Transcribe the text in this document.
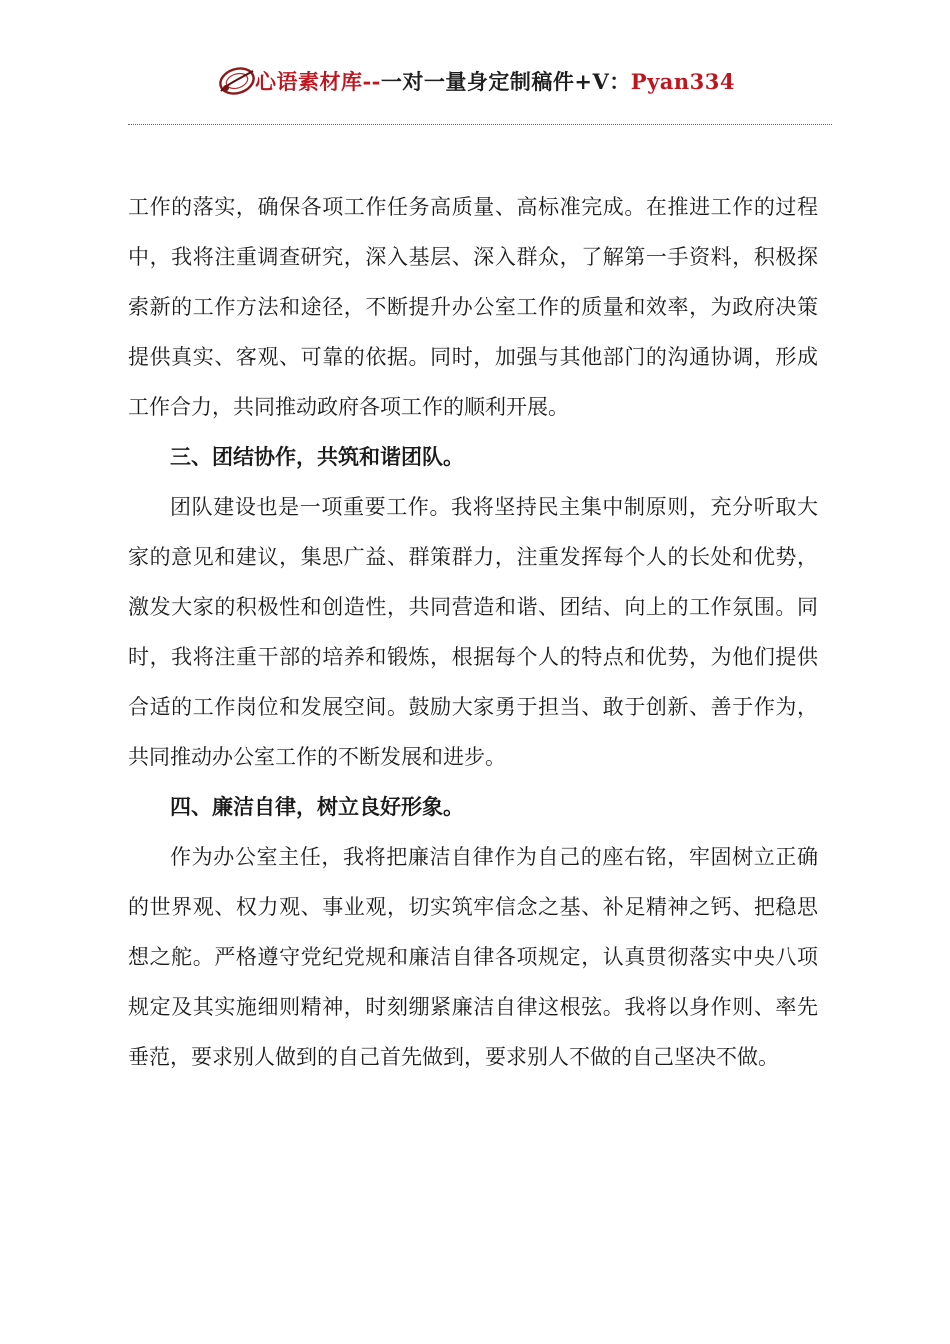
心语素材库--一对一量身定制稿件+V：Pyan334

工作的落实，确保各项工作任务高质量、高标准完成。在推进工作的过程中，我将注重调查研究，深入基层、深入群众，了解第一手资料，积极探索新的工作方法和途径，不断提升办公室工作的质量和效率，为政府决策提供真实、客观、可靠的依据。同时，加强与其他部门的沟通协调，形成工作合力，共同推动政府各项工作的顺利开展。

三、团结协作，共筑和谐团队。

团队建设也是一项重要工作。我将坚持民主集中制原则，充分听取大家的意见和建议，集思广益、群策群力，注重发挥每个人的长处和优势，激发大家的积极性和创造性，共同营造和谐、团结、向上的工作氛围。同时，我将注重干部的培养和锻炼，根据每个人的特点和优势，为他们提供合适的工作岗位和发展空间。鼓励大家勇于担当、敢于创新、善于作为，共同推动办公室工作的不断发展和进步。

四、廉洁自律，树立良好形象。

作为办公室主任，我将把廉洁自律作为自己的座右铭，牢固树立正确的世界观、权力观、事业观，切实筑牢信念之基、补足精神之钙、把稳思想之舵。严格遵守党纪党规和廉洁自律各项规定，认真贯彻落实中央八项规定及其实施细则精神，时刻绷紧廉洁自律这根弦。我将以身作则、率先垂范，要求别人做到的自己首先做到，要求别人不做的自己坚决不做。
